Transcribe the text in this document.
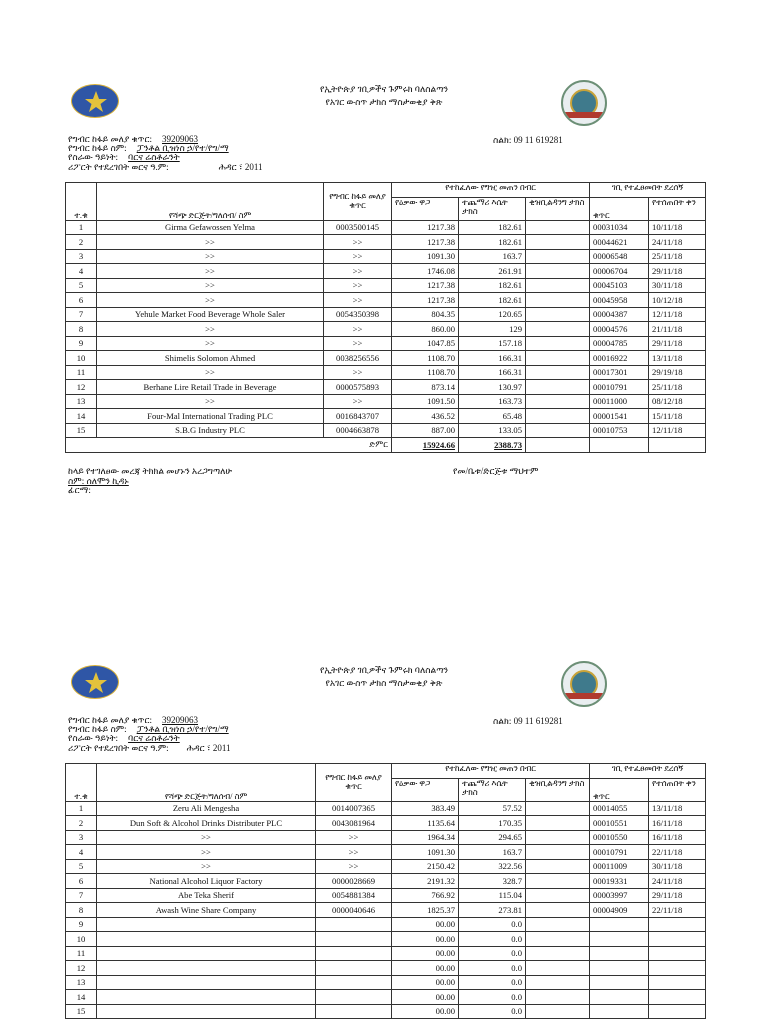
የኢትዮጵያ ገቢዎችና ጉምሩክ ባለስልጣን
የአገር ውስጥ ታክስ ማስታወቂያ ቅጽ
የግብር ከፋይ መለያ ቁጥር: 39209063
የግብር ከፋይ ስም: ፓንቶል ቢዝነስ ኃ/የተ/የግ/ማ
የስራው ዓይነት: ባርና ሬስቶራንት
ሪፖርት የተደረገበት ወርና ዓ.ም:	ሕዳር ፣ 2011
ስልክ: 09 11 619281
ተ.ቁ	የሻጭ ድርጅት/ግለሰብ/ ስም	የግብር ከፋይ መለያ ቁጥር	የተከፈለው የግዢ መጠን በብር			ገቢ የተፈፀመበት ደረሰኝ	
			የዕቃው ዋጋ	ተጨማሪ እሴት ታክስ	ቂዝቢልዳንግ ታክስ	ቁጥር	የተሰጠበት ቀን
1	Girma Gefawossen Yelma	0003500145	1217.38	182.61		00031034	10/11/18
2	>>	>>	1217.38	182.61		00044621	24/11/18
3	>>	>>	1091.30	163.7		00006548	25/11/18
4	>>	>>	1746.08	261.91		00006704	29/11/18
5	>>	>>	1217.38	182.61		00045103	30/11/18
6	>>	>>	1217.38	182.61		00045958	10/12/18
7	Yehule Market Food Beverage Whole Saler	0054350398	804.35	120.65		00004387	12/11/18
8	>>	>>	860.00	129		00004576	21/11/18
9	>>	>>	1047.85	157.18		00004785	29/11/18
10	Shimelis Solomon Ahmed	0038256556	1108.70	166.31		00016922	13/11/18
11	>>	>>	1108.70	166.31		00017301	29/19/18
12	Berhane Lire Retail Trade in Beverage	0000575893	873.14	130.97		00010791	25/11/18
13	>>	>>	1091.50	163.73		00011000	08/12/18
14	Four-Mal International Trading PLC	0016843707	436.52	65.48		00001541	15/11/18
15	S.B.G Industry PLC	0004663878	887.00	133.05		00010753	12/11/18
ድምር			15924.66	2388.73			
ከላይ የተገለፀው መረጃ ትክክል መሆኑን አረጋግጣለሁ
ስም: ሰለሞን ኪዳኑ
ፊርማ:
የመ/ቤቱ/ድርጅቱ ማህተም
የኢትዮጵያ ገቢዎችና ጉምሩክ ባለስልጣን
የአገር ውስጥ ታክስ ማስታወቂያ ቅጽ
የግብር ከፋይ መለያ ቁጥር: 39209063
የግብር ከፋይ ስም: ፓንቶል ቢዝነስ ኃ/የተ/የግ/ማ
የስራው ዓይነት: ባርና ሬስቶራንት
ሪፖርት የተደረገበት ወርና ዓ.ም: ሕዳር ፣ 2011
ስልክ: 09 11 619281
ተ.ቁ	የሻጭ ድርጅት/ግለሰብ/ ስም	የግብር ከፋይ መለያ ቁጥር	የተከፈለው የግዢ መጠን በብር			ገቢ የተፈፀመበት ደረሰኝ	
			የዕቃው ዋጋ	ተጨማሪ እሴት ታክስ	ቂዝቢልዳንግ ታክስ	ቁጥር	የተሰጠበት ቀን
1	Zeru Ali Mengesha	0014007365	383.49	57.52		00014055	13/11/18
2	Dun Soft & Alcohol Drinks Distributer PLC	0043081964	1135.64	170.35		00010551	16/11/18
3	>>	>>	1964.34	294.65		00010550	16/11/18
4	>>	>>	1091.30	163.7		00010791	22/11/18
5	>>	>>	2150.42	322.56		00011009	30/11/18
6	National Alcohol Liquor Factory	0000028669	2191.32	328.7		00019331	24/11/18
7	Abe Teka Sherif	0054881384	766.92	115.04		00003997	29/11/18
8	Awash Wine Share Company	0000040646	1825.37	273.81		00004909	22/11/18
9			00.00	0.0			
10			00.00	0.0			
11			00.00	0.0			
12			00.00	0.0			
13			00.00	0.0			
14			00.00	0.0			
15			00.00	0.0			
